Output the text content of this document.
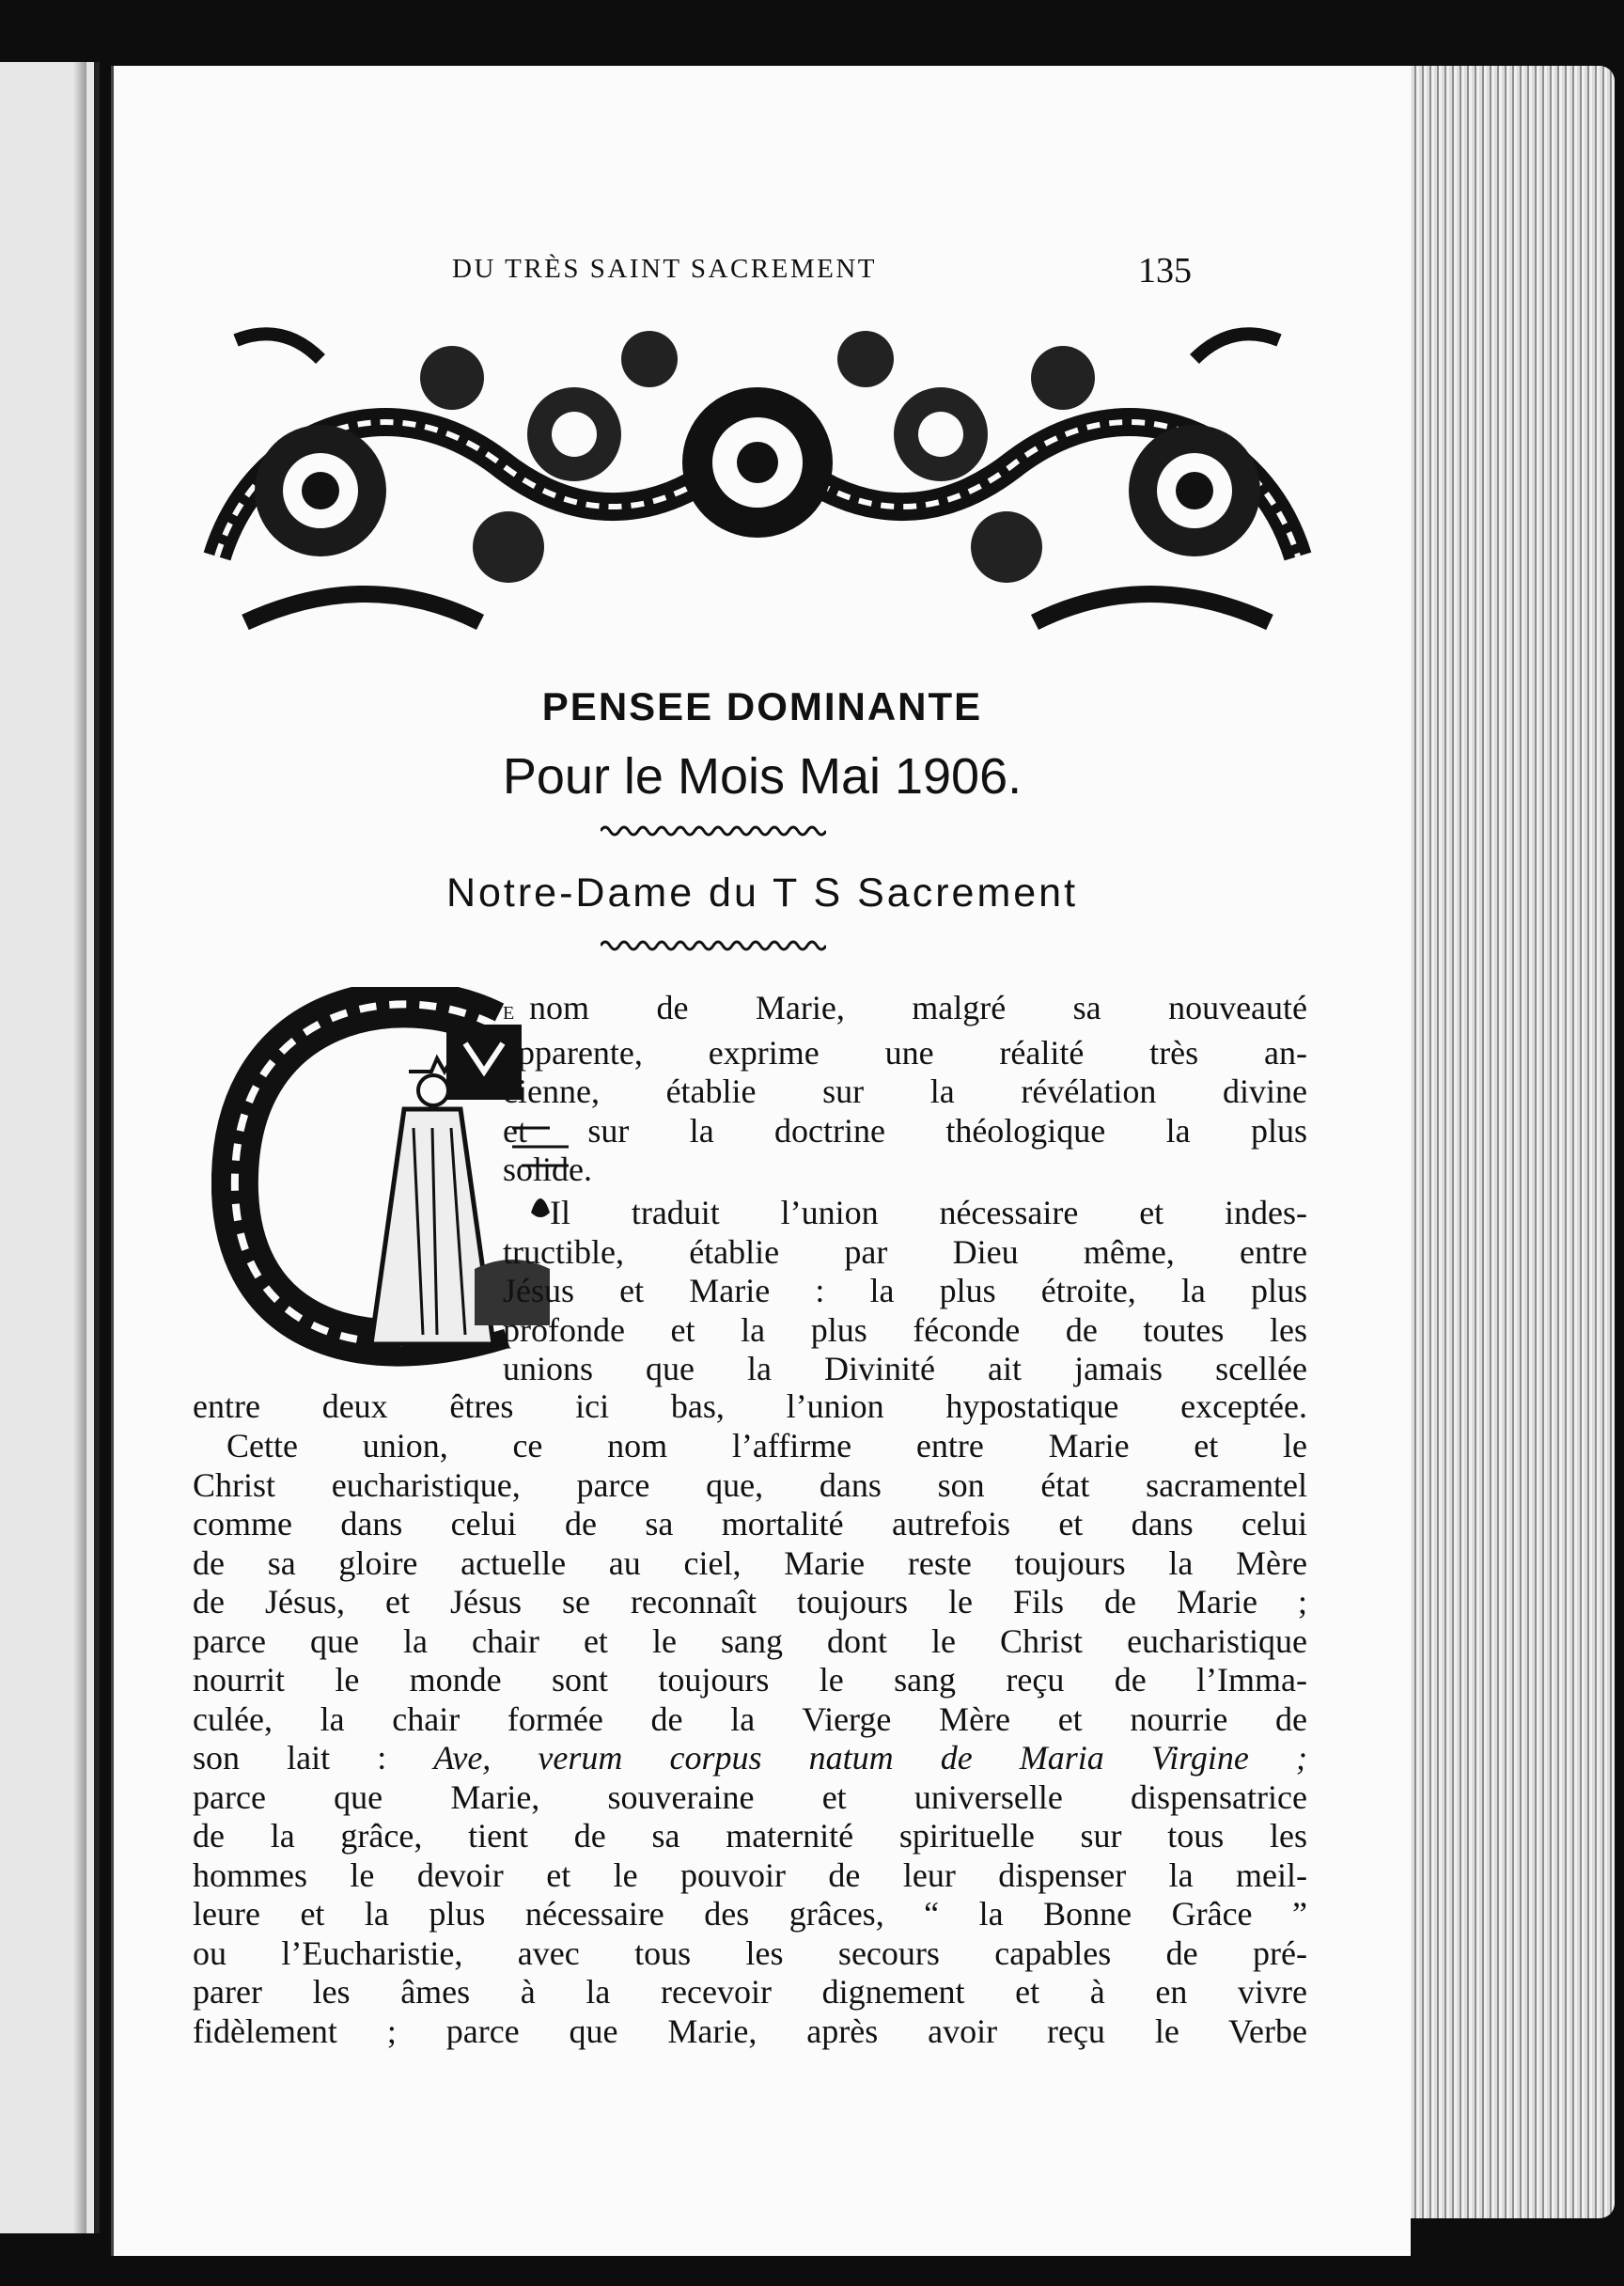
DU TRÈS SAINT SACREMENT	135
PENSEE DOMINANTE
Pour le Mois Mai 1906.
Notre-Dame du T S Sacrement
E nom de Marie, malgré sa nouveauté
apparente, exprime une réalité très an-
cienne, établie sur la révélation divine
et sur la doctrine théologique la plus
solide.
Il traduit l’union nécessaire et indes-
tructible, établie par Dieu même, entre
Jésus et Marie : la plus étroite, la plus
profonde et la plus féconde de toutes les
unions que la Divinité ait jamais scellée
entre deux êtres ici bas, l’union hypostatique exceptée.

Cette union, ce nom l’affirme entre Marie et le

Christ eucharistique, parce que, dans son état sacramentel

comme dans celui de sa mortalité autrefois et dans celui

de sa gloire actuelle au ciel, Marie reste toujours la Mère

de Jésus, et Jésus se reconnaît toujours le Fils de Marie ;

parce que la chair et le sang dont le Christ eucharistique

nourrit le monde sont toujours le sang reçu de l’Imma-

culée, la chair formée de la Vierge Mère et nourrie de

son lait : Ave, verum corpus natum de Maria Virgine ;

parce que Marie, souveraine et universelle dispensatrice

de la grâce, tient de sa maternité spirituelle sur tous les

hommes le devoir et le pouvoir de leur dispenser la meil-

leure et la plus nécessaire des grâces, “ la Bonne Grâce ”

ou l’Eucharistie, avec tous les secours capables de pré-

parer les âmes à la recevoir dignement et à en vivre

fidèlement ; parce que Marie, après avoir reçu le Verbe
